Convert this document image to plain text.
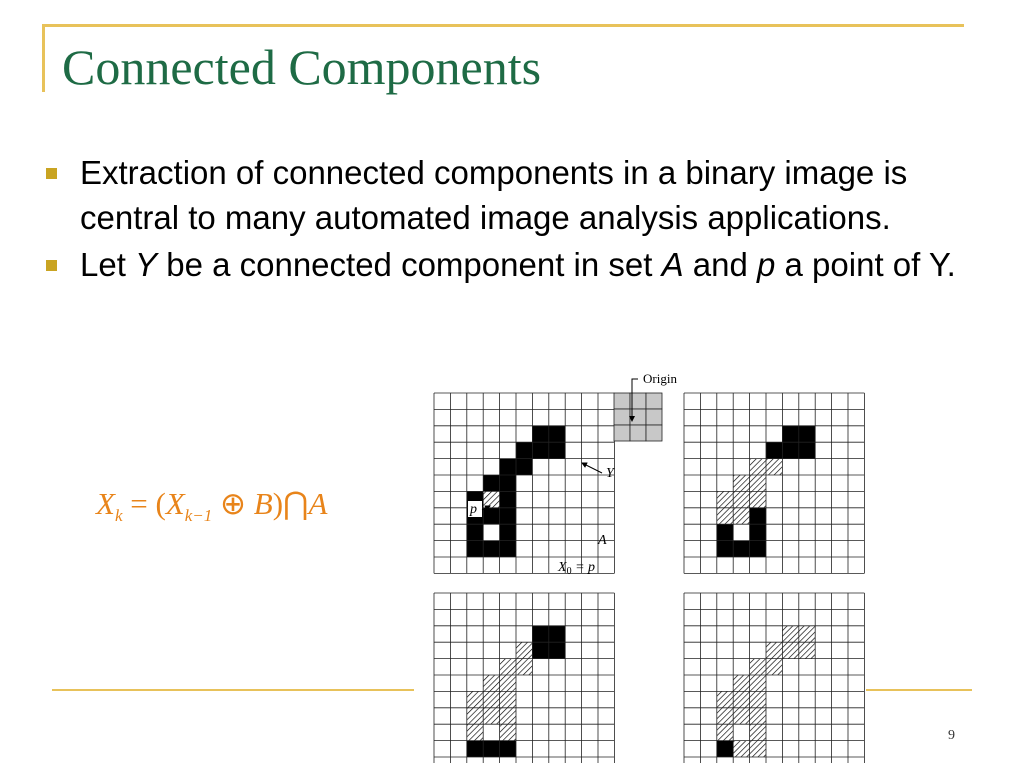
Connected Components
Extraction of connected components in a binary image is central to many automated image analysis applications.
Let Y be a connected component in set A and p a point of Y.
$X_k = (X_{k-1}$ ⊕ B)⋂A
Origin
Y
p
A
$X_0 = p$
9
